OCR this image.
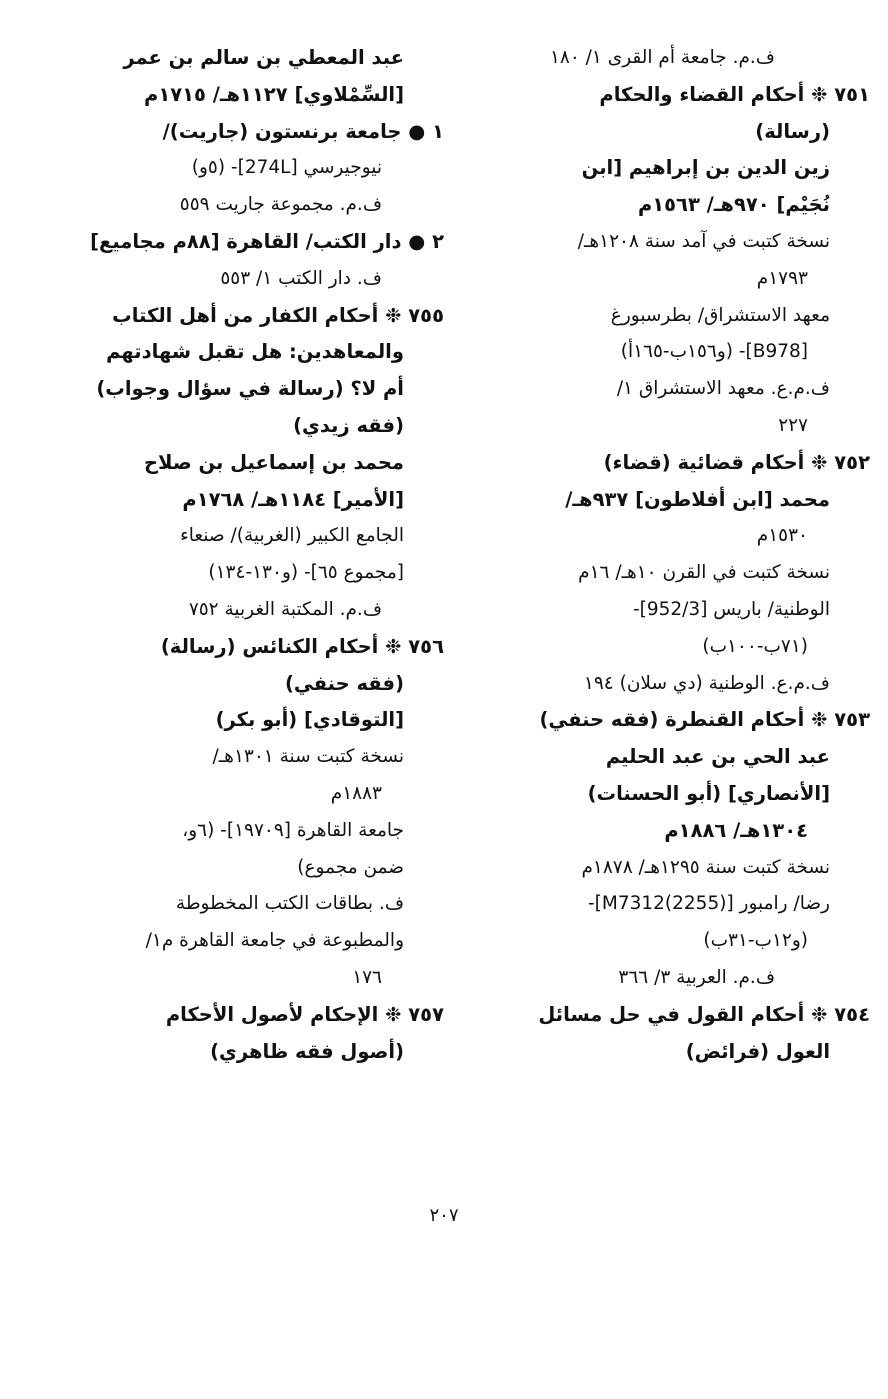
ف.م. جامعة أم القرى ١/ ١٨٠
٧٥١ ❉ أحكام القضاء والحكام
(رسالة)
زين الدين بن إبراهيم [ابن
نُجَيْم] ٩٧٠هـ/ ١٥٦٣م
نسخة كتبت في آمد سنة ١٢٠٨هـ/
١٧٩٣م
معهد الاستشراق/ بطرسبورغ
[B978]- (و١٥٦ب-١٦٥أ)
ف.م.ع. معهد الاستشراق ١/
٢٢٧
٧٥٢ ❉ أحكام قضائية (قضاء)
محمد [ابن أفلاطون] ٩٣٧هـ/
١٥٣٠م
نسخة كتبت في القرن ١٠هـ/ ١٦م
الوطنية/ باريس [952/3]-
(٧١ب-١٠٠ب)
ف.م.ع. الوطنية (دي سلان) ١٩٤
٧٥٣ ❉ أحكام القنطرة (فقه حنفي)
عبد الحي بن عبد الحليم
[الأنصاري] (أبو الحسنات)
١٣٠٤هـ/ ١٨٨٦م
نسخة كتبت سنة ١٢٩٥هـ/ ١٨٧٨م
رضا/ رامبور [M7312(2255)]-
(و١٢ب-٣١ب)
ف.م. العربية ٣/ ٣٦٦
٧٥٤ ❉ أحكام القول في حل مسائل
العول (فرائض)
عبد المعطي بن سالم بن عمر
[السِّمْلاوي] ١١٢٧هـ/ ١٧١٥م
١ ● جامعة برنستون (جاريت)/
نيوجيرسي [274L]- (٥و)
ف.م. مجموعة جاريت ٥٥٩
٢ ● دار الكتب/ القاهرة [٨٨م مجاميع]
ف. دار الكتب ١/ ٥٥٣
٧٥٥ ❉ أحكام الكفار من أهل الكتاب
والمعاهدين: هل تقبل شهادتهم
أم لا؟ (رسالة في سؤال وجواب)
(فقه زيدي)
محمد بن إسماعيل بن صلاح
[الأمير] ١١٨٤هـ/ ١٧٦٨م
الجامع الكبير (الغربية)/ صنعاء
[مجموع ٦٥]- (و١٣٠-١٣٤)
ف.م. المكتبة الغربية ٧٥٢
٧٥٦ ❉ أحكام الكنائس (رسالة)
(فقه حنفي)
[التوقادي] (أبو بكر)
نسخة كتبت سنة ١٣٠١هـ/
١٨٨٣م
جامعة القاهرة [١٩٧٠٩]- (٦و،
ضمن مجموع)
ف. بطاقات الكتب المخطوطة
والمطبوعة في جامعة القاهرة م١/
١٧٦
٧٥٧ ❉ الإحكام لأصول الأحكام
(أصول فقه ظاهري)
٢٠٧
